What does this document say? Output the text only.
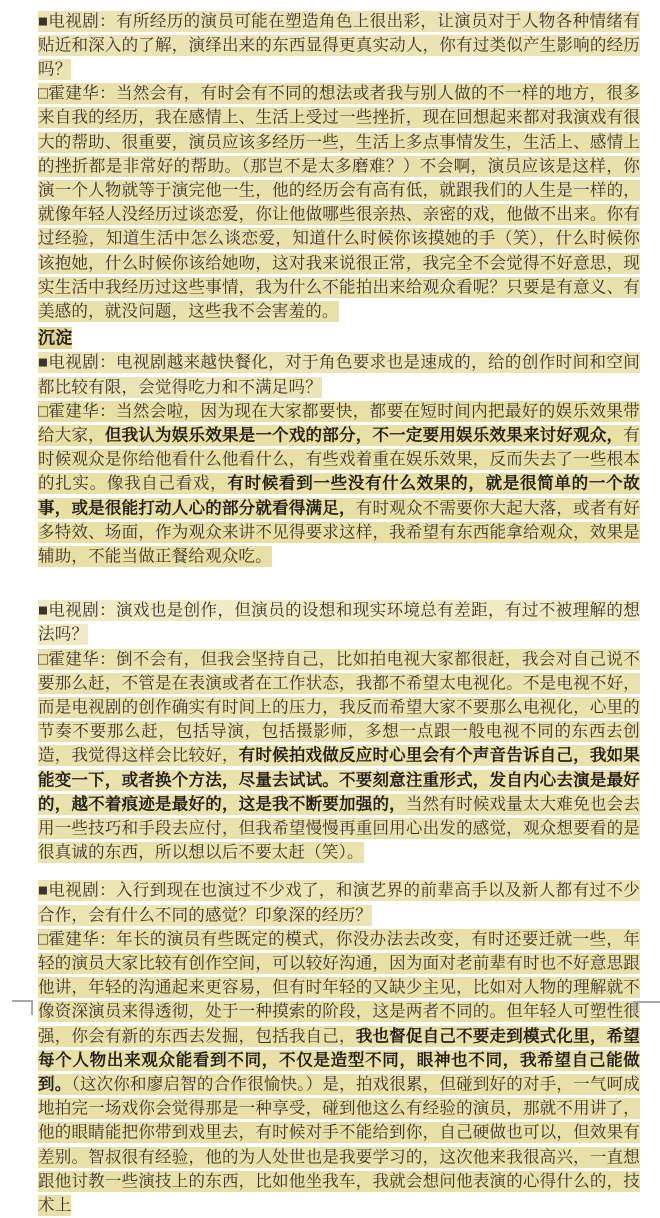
■电视剧：有所经历的演员可能在塑造角色上很出彩，让演员对于人物各种情绪有贴近和深入的了解，演绎出来的东西显得更真实动人，你有过类似产生影响的经历吗？

□霍建华：当然会有，有时会有不同的想法或者我与别人做的不一样的地方，很多来自我的经历，我在感情上、生活上受过一些挫折，现在回想起来都对我演戏有很大的帮助、很重要，演员应该多经历一些，生活上多点事情发生，生活上、感情上的挫折都是非常好的帮助。（那岂不是太多磨难？）不会啊，演员应该是这样，你演一个人物就等于演完他一生，他的经历会有高有低，就跟我们的人生是一样的，就像年轻人没经历过谈恋爱，你让他做哪些很亲热、亲密的戏，他做不出来。你有过经验，知道生活中怎么谈恋爱，知道什么时候你该摸她的手（笑），什么时候你该抱她，什么时候你该给她吻，这对我来说很正常，我完全不会觉得不好意思，现实生活中我经历过这些事情，我为什么不能拍出来给观众看呢？只要是有意义、有美感的，就没问题，这些我不会害羞的。

沉淀

■电视剧：电视剧越来越快餐化，对于角色要求也是速成的，给的创作时间和空间都比较有限，会觉得吃力和不满足吗？

□霍建华：当然会啦，因为现在大家都要快，都要在短时间内把最好的娱乐效果带给大家，但我认为娱乐效果是一个戏的部分，不一定要用娱乐效果来讨好观众，有时候观众是你给他看什么他看什么，有些戏着重在娱乐效果，反而失去了一些根本的扎实。像我自己看戏，有时候看到一些没有什么效果的，就是很简单的一个故事，或是很能打动人心的部分就看得满足，有时观众不需要你大起大落，或者有好多特效、场面，作为观众来讲不见得要求这样，我希望有东西能拿给观众，效果是辅助，不能当做正餐给观众吃。

■电视剧：演戏也是创作，但演员的设想和现实环境总有差距，有过不被理解的想法吗？

□霍建华：倒不会有，但我会坚持自己，比如拍电视大家都很赶，我会对自己说不要那么赶，不管是在表演或者在工作状态，我都不希望太电视化。不是电视不好，而是电视剧的创作确实有时间上的压力，我反而希望大家不要那么电视化，心里的节奏不要那么赶，包括导演，包括摄影师，多想一点跟一般电视不同的东西去创造，我觉得这样会比较好，有时候拍戏做反应时心里会有个声音告诉自己，我如果能变一下，或者换个方法，尽量去试试。不要刻意注重形式，发自内心去演是最好的，越不着痕迹是最好的，这是我不断要加强的，当然有时候戏量太大难免也会去用一些技巧和手段去应付，但我希望慢慢再重回用心出发的感觉，观众想要看的是很真诚的东西，所以想以后不要太赶（笑）。

■电视剧：入行到现在也演过不少戏了，和演艺界的前辈高手以及新人都有过不少合作，会有什么不同的感觉？印象深的经历？

□霍建华：年长的演员有些既定的模式，你没办法去改变，有时还要迁就一些，年轻的演员大家比较有创作空间，可以较好沟通，因为面对老前辈有时也不好意思跟他讲，年轻的沟通起来更容易，但有时年轻的又缺少主见，比如对人物的理解就不像资深演员来得透彻，处于一种摸索的阶段，这是两者不同的。但年轻人可塑性很强，你会有新的东西去发掘，包括我自己，我也督促自己不要走到模式化里，希望每个人物出来观众能看到不同，不仅是造型不同，眼神也不同，我希望自己能做到。（这次你和廖启智的合作很愉快。）是，拍戏很累，但碰到好的对手，一气呵成地拍完一场戏你会觉得那是一种享受，碰到他这么有经验的演员，那就不用讲了，他的眼睛能把你带到戏里去，有时候对手不能给到你，自己硬做也可以，但效果有差别。智叔很有经验，他的为人处世也是我要学习的，这次他来我很高兴，一直想跟他讨教一些演技上的东西，比如他坐我车，我就会想问他表演的心得什么的，技术上
